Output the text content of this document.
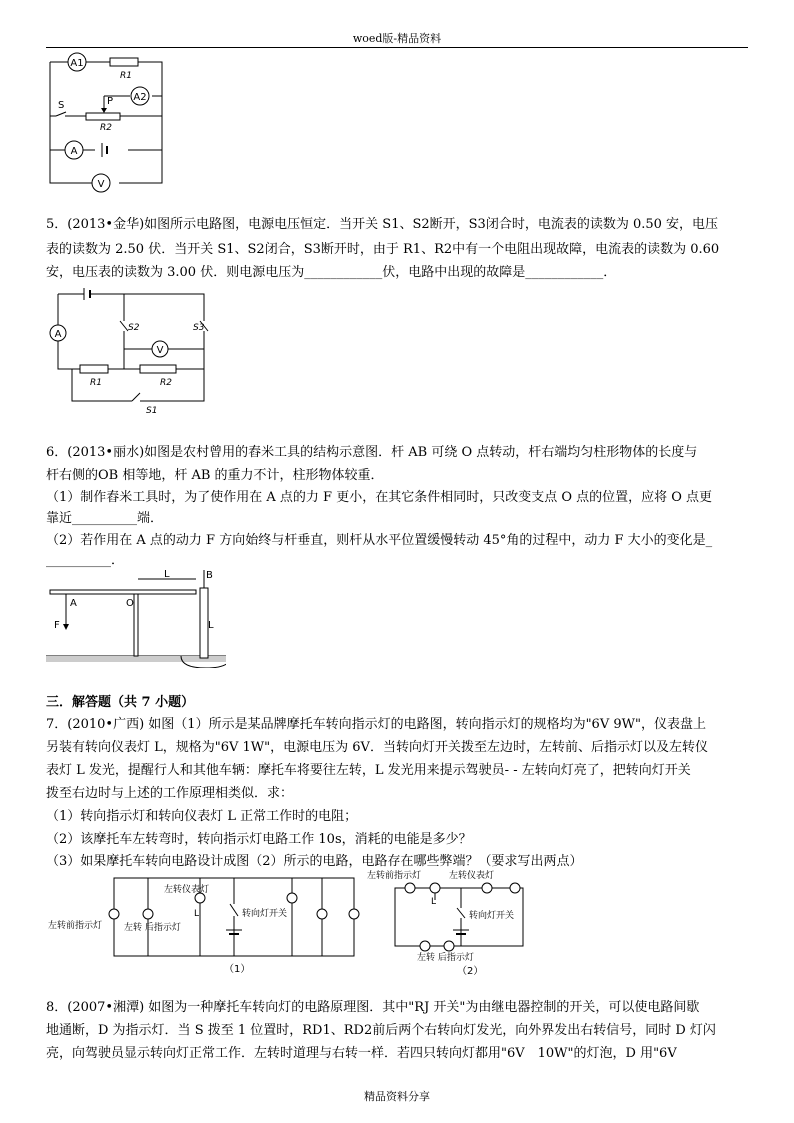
woed版-精品资料
A1
R1
A2
P
S
R2
A
V
5．(2013•金华)如图所示电路图，电源电压恒定．当开关 S1、S2断开，S3闭合时，电流表的读数为 0.50 安，电压
表的读数为 2.50 伏．当开关 S1、S2闭合，S3断开时，由于 R1、R2中有一个电阻出现故障，电流表的读数为 0.60
安，电压表的读数为 3.00 伏．则电源电压为____________伏，电路中出现的故障是____________．
A
S2	S3
V
R1	R2
S1
6．(2013•丽水)如图是农村曾用的舂米工具的结构示意图．杆 AB 可绕 O 点转动，杆右端均匀柱形物体的长度与
杆右侧的OB 相等地，杆 AB 的重力不计，柱形物体较重．
（1）制作舂米工具时，为了使作用在 A 点的力 F 更小，在其它条件相同时，只改变支点 O 点的位置，应将 O 点更
靠近__________端．
（2）若作用在 A 点的动力 F 方向始终与杆垂直，则杆从水平位置缓慢转动 45°角的过程中，动力 F 大小的变化是_
__________．
A	O
L	B
L
F
三．解答题（共 7 小题）
7．(2010•广西) 如图（1）所示是某品牌摩托车转向指示灯的电路图，转向指示灯的规格均为"6V 9W"，仪表盘上
另装有转向仪表灯 L，规格为"6V 1W"，电源电压为 6V．当转向灯开关拨至左边时，左转前、后指示灯以及左转仪
表灯 L 发光，提醒行人和其他车辆：摩托车将要往左转，L 发光用来提示驾驶员- - 左转向灯亮了，把转向灯开关
拨至右边时与上述的工作原理相类似．求：
（1）转向指示灯和转向仪表灯 L 正常工作时的电阻；
（2）该摩托车左转弯时，转向指示灯电路工作 10s，消耗的电能是多少？
（3）如果摩托车转向电路设计成图（2）所示的电路，电路存在哪些弊端？（要求写出两点）
左转前指示灯
左转仪表灯
L
左转 后指示灯
转向灯开关
（1）
左转前指示灯	左转仪表灯
L
转向灯开关
左转 后指示灯
（2）
8．(2007•湘潭) 如图为一种摩托车转向灯的电路原理图．其中"RJ 开关"为由继电器控制的开关，可以使电路间歇
地通断，D 为指示灯．当 S 拨至 1 位置时，RD1、RD2前后两个右转向灯发光，向外界发出右转信号，同时 D 灯闪
亮，向驾驶员显示转向灯正常工作．左转时道理与右转一样．若四只转向灯都用"6V　10W"的灯泡，D 用"6V
精品资料分享
